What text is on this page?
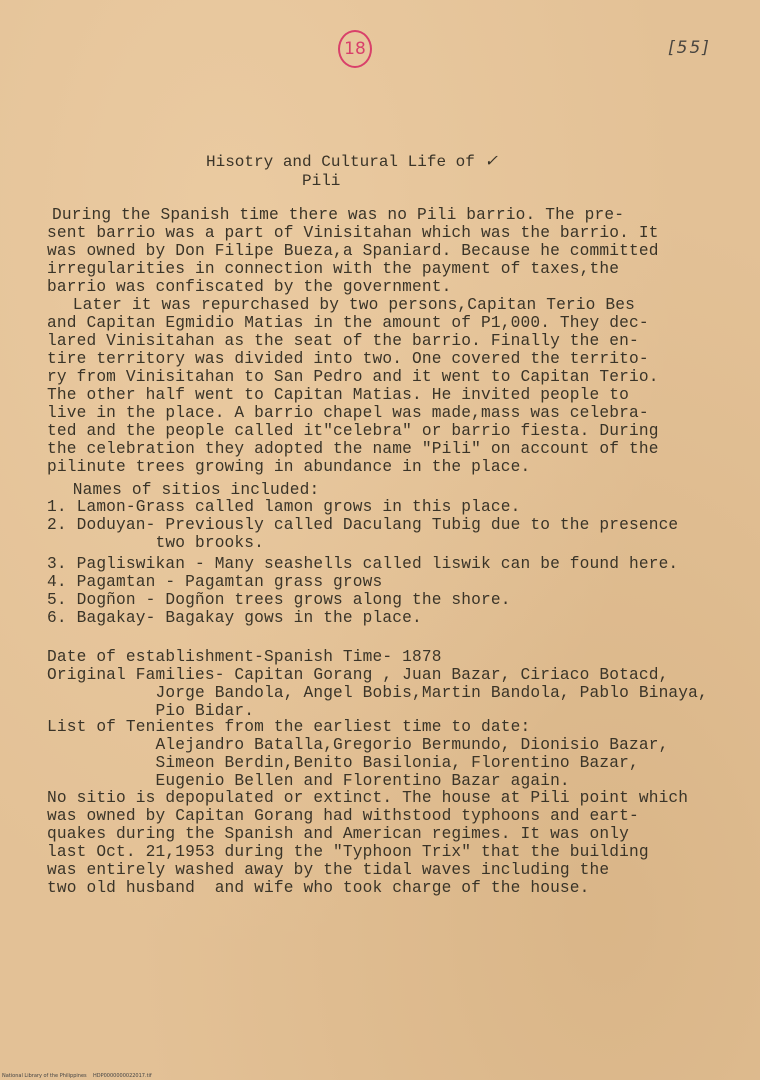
18	[55]
Hisotry and Cultural Life of ✓
Pili
During the Spanish time there was no Pili barrio. The pre-
sent barrio was a part of Vinisitahan which was the barrio. It
was owned by Don Filipe Bueza,a Spaniard. Because he committed
irregularities in connection with the payment of taxes,the
barrio was confiscated by the government.
Later it was repurchased by two persons,Capitan Terio Bes
and Capitan Egmidio Matias in the amount of P1,000. They dec-
lared Vinisitahan as the seat of the barrio. Finally the en-
tire territory was divided into two. One covered the territo-
ry from Vinisitahan to San Pedro and it went to Capitan Terio.
The other half went to Capitan Matias. He invited people to
live in the place. A barrio chapel was made,mass was celebra-
ted and the people called it"celebra" or barrio fiesta. During
the celebration they adopted the name "Pili" on account of the
pilinute trees growing in abundance in the place.
Names of sitios included:
1. Lamon-Grass called lamon grows in this place.
2. Doduyan- Previously called Daculang Tubig due to the presence
two brooks.
3. Pagliswikan - Many seashells called liswik can be found here.
4. Pagamtan - Pagamtan grass grows
5. Dogñon - Dogñon trees grows along the shore.
6. Bagakay- Bagakay gows in the place.
Date of establishment-Spanish Time- 1878
Original Families- Capitan Gorang , Juan Bazar, Ciriaco Botacd,
Jorge Bandola, Angel Bobis,Martin Bandola, Pablo Binaya,
Pio Bidar.
List of Tenientes from the earliest time to date:
Alejandro Batalla,Gregorio Bermundo, Dionisio Bazar,
Simeon Berdin,Benito Basilonia, Florentino Bazar,
Eugenio Bellen and Florentino Bazar again.
No sitio is depopulated or extinct. The house at Pili point which
was owned by Capitan Gorang had withstood typhoons and eart-
quakes during the Spanish and American regimes. It was only
last Oct. 21,1953 during the "Typhoon Trix" that the building
was entirely washed away by the tidal waves including the
two old husband  and wife who took charge of the house.
National Library of the Philippines    HDP0000000022017.tif
